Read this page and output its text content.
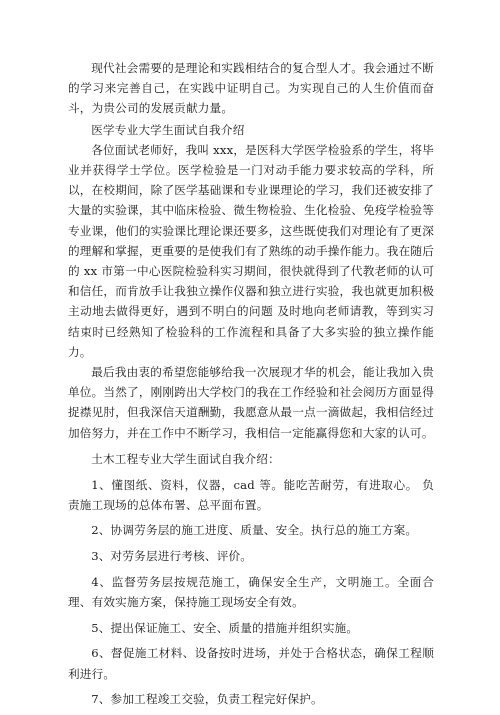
现代社会需要的是理论和实践相结合的复合型人才。我会通过不断的学习来完善自己，在实践中证明自己。为实现自己的人生价值而奋斗，为贵公司的发展贡献力量。

医学专业大学生面试自我介绍

各位面试老师好，我叫 xxx，是医科大学医学检验系的学生，将毕业并获得学士学位。医学检验是一门对动手能力要求较高的学科，所以，在校期间，除了医学基础课和专业课理论的学习，我们还被安排了大量的实验课，其中临床检验、微生物检验、生化检验、免疫学检验等专业课，他们的实验课比理论课还要多，这些既使我们对理论有了更深的理解和掌握，更重要的是使我们有了熟练的动手操作能力。我在随后的 xx 市第一中心医院检验科实习期间，很快就得到了代教老师的认可和信任，而肯放手让我独立操作仪器和独立进行实验，我也就更加积极主动地去做得更好，遇到不明白的问题 及时地向老师请教，等到实习结束时已经熟知了检验科的工作流程和具备了大多实验的独立操作能力。

最后我由衷的希望您能够给我一次展现才华的机会，能让我加入贵单位。当然了，刚刚跨出大学校门的我在工作经验和社会阅历方面显得捉襟见肘，但我深信天道酬勤，我愿意从最一点一滴做起，我相信经过加倍努力，并在工作中不断学习，我相信一定能赢得您和大家的认可。

土木工程专业大学生面试自我介绍：

1、懂图纸、资料，仪器，cad 等。能吃苦耐劳，有进取心。 负责施工现场的总体布署、总平面布置。

2、协调劳务层的施工进度、质量、安全。执行总的施工方案。

3、对劳务层进行考核、评价。

4、监督劳务层按规范施工，确保安全生产，文明施工。全面合理、有效实施方案，保持施工现场安全有效。

5、提出保证施工、安全、质量的措施并组织实施。

6、督促施工材料、设备按时进场，并处于合格状态，确保工程顺利进行。

7、参加工程竣工交验，负责工程完好保护。
